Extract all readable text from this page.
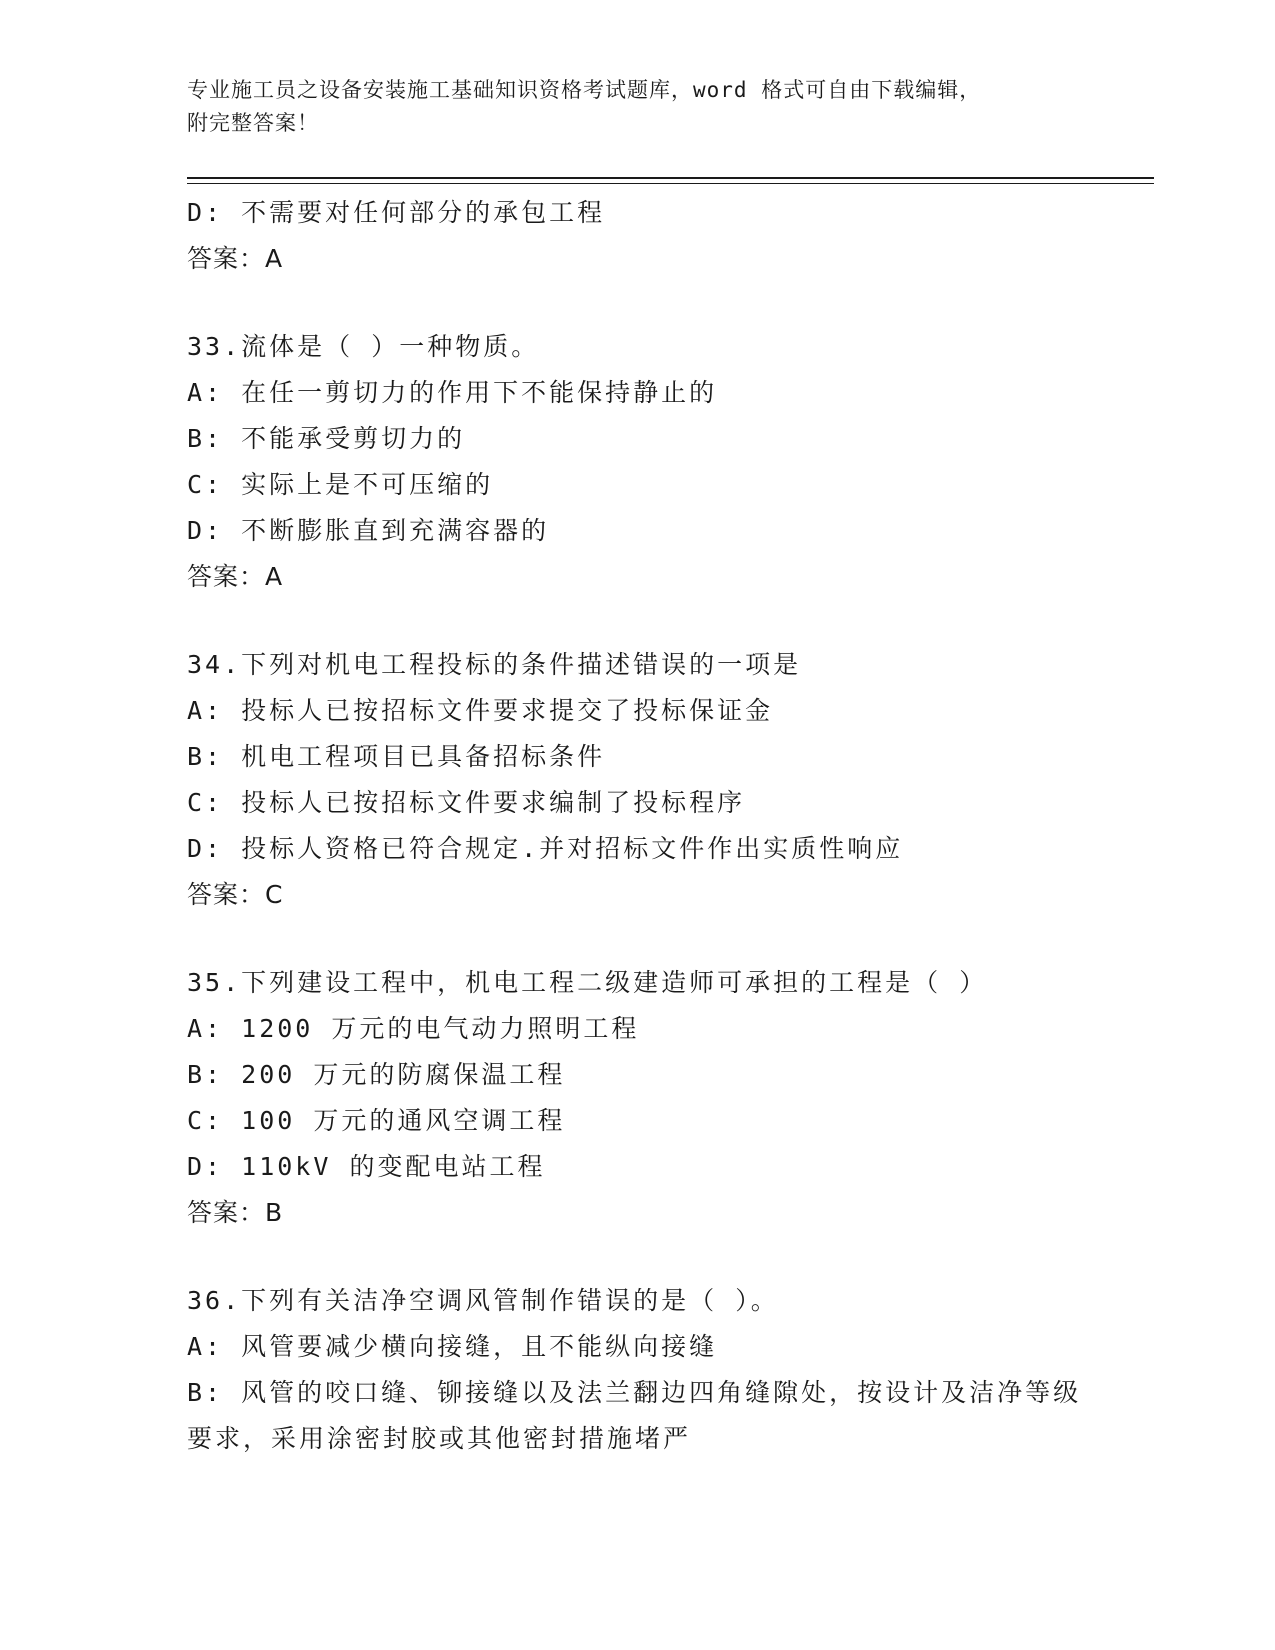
专业施工员之设备安装施工基础知识资格考试题库，word 格式可自由下载编辑，
附完整答案！
D: 不需要对任何部分的承包工程
答案：A
33.流体是（ ）一种物质。
A: 在任一剪切力的作用下不能保持静止的
B: 不能承受剪切力的
C: 实际上是不可压缩的
D: 不断膨胀直到充满容器的
答案：A
34.下列对机电工程投标的条件描述错误的一项是
A: 投标人已按招标文件要求提交了投标保证金
B: 机电工程项目已具备招标条件
C: 投标人已按招标文件要求编制了投标程序
D: 投标人资格已符合规定.并对招标文件作出实质性响应
答案：C
35.下列建设工程中，机电工程二级建造师可承担的工程是（ ）
A: 1200 万元的电气动力照明工程
B: 200 万元的防腐保温工程
C: 100 万元的通风空调工程
D: 110kV 的变配电站工程
答案：B
36.下列有关洁净空调风管制作错误的是（ ）。
A: 风管要减少横向接缝，且不能纵向接缝
B: 风管的咬口缝、铆接缝以及法兰翻边四角缝隙处，按设计及洁净等级要求，采用涂密封胶或其他密封措施堵严
